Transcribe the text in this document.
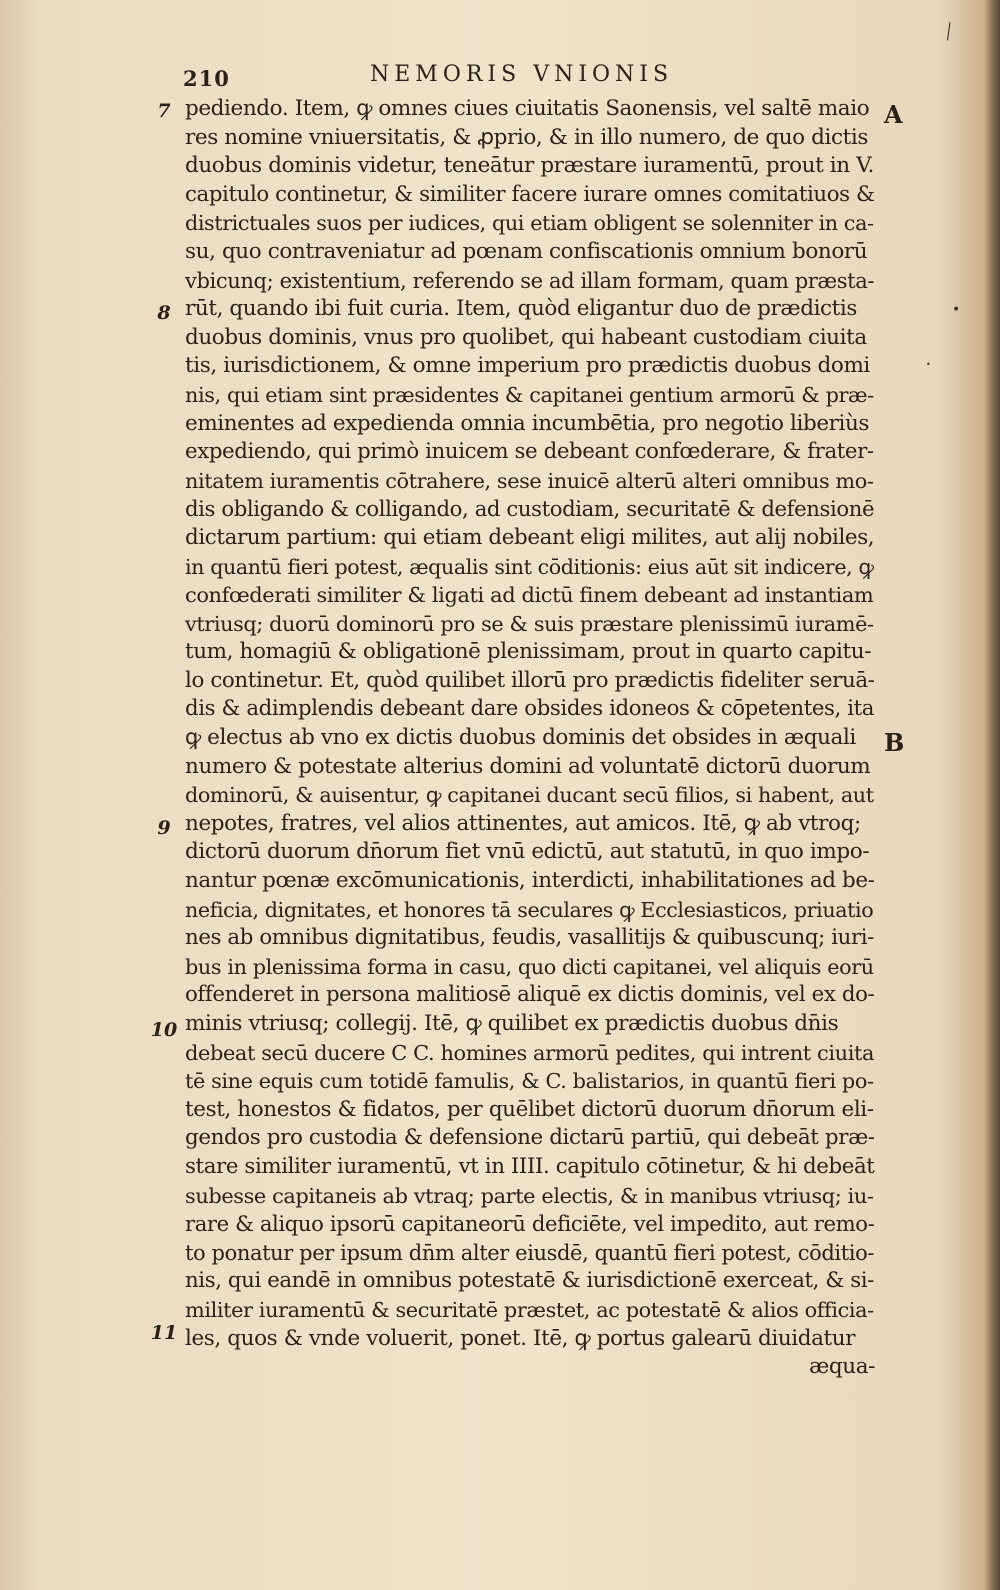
210	NEMORIS VNIONIS
7
8
9
10
11
A
B
╲
•
•
pediendo. Item, ꝙ omnes ciues ciuitatis Saonensis, vel saltē maio
res nomine vniuersitatis, & ꝓprio, & in illo numero, de quo dictis
duobus dominis videtur, teneātur præstare iuramentū, prout in V.
capitulo continetur, & similiter facere iurare omnes comitatiuos &
districtuales suos per iudices, qui etiam obligent se solenniter in ca-
su, quo contraveniatur ad pœnam confiscationis omnium bonorū
vbicunq; existentium, referendo se ad illam formam, quam præsta-
rūt, quando ibi fuit curia. Item, quòd eligantur duo de prædictis
duobus dominis, vnus pro quolibet, qui habeant custodiam ciuita
tis, iurisdictionem, & omne imperium pro prædictis duobus domi
nis, qui etiam sint præsidentes & capitanei gentium armorū & præ-
eminentes ad expedienda omnia incumbētia, pro negotio liberiùs
expediendo, qui primò inuicem se debeant confœderare, & frater-
nitatem iuramentis cōtrahere, sese inuicē alterū alteri omnibus mo-
dis obligando & colligando, ad custodiam, securitatē & defensionē
dictarum partium: qui etiam debeant eligi milites, aut alij nobiles,
in quantū fieri potest, æqualis sint cōditionis: eius aūt sit indicere, ꝙ
confœderati similiter & ligati ad dictū finem debeant ad instantiam
vtriusq; duorū dominorū pro se & suis præstare plenissimū iuramē-
tum, homagiū & obligationē plenissimam, prout in quarto capitu-
lo continetur. Et, quòd quilibet illorū pro prædictis fideliter seruā-
dis & adimplendis debeant dare obsides idoneos & cōpetentes, ita
ꝙ electus ab vno ex dictis duobus dominis det obsides in æquali
numero & potestate alterius domini ad voluntatē dictorū duorum
dominorū, & auisentur, ꝙ capitanei ducant secū filios, si habent, aut
nepotes, fratres, vel alios attinentes, aut amicos. Itē, ꝙ ab vtroq;
dictorū duorum dn̄orum fiet vnū edictū, aut statutū, in quo impo-
nantur pœnæ excōmunicationis, interdicti, inhabilitationes ad be-
neficia, dignitates, et honores tā seculares ꝙ Ecclesiasticos, priuatio
nes ab omnibus dignitatibus, feudis, vasallitijs & quibuscunq; iuri-
bus in plenissima forma in casu, quo dicti capitanei, vel aliquis eorū
offenderet in persona malitiosē aliquē ex dictis dominis, vel ex do-
minis vtriusq; collegij. Itē, ꝙ quilibet ex prædictis duobus dn̄is
debeat secū ducere C C. homines armorū pedites, qui intrent ciuita
tē sine equis cum totidē famulis, & C. balistarios, in quantū fieri po-
test, honestos & fidatos, per quēlibet dictorū duorum dn̄orum eli-
gendos pro custodia & defensione dictarū partiū, qui debeāt præ-
stare similiter iuramentū, vt in IIII. capitulo cōtinetur, & hi debeāt
subesse capitaneis ab vtraq; parte electis, & in manibus vtriusq; iu-
rare & aliquo ipsorū capitaneorū deficiēte, vel impedito, aut remo-
to ponatur per ipsum dn̄m alter eiusdē, quantū fieri potest, cōditio-
nis, qui eandē in omnibus potestatē & iurisdictionē exerceat, & si-
militer iuramentū & securitatē præstet, ac potestatē & alios officia-
les, quos & vnde voluerit, ponet. Itē, ꝙ portus galearū diuidatur
æqua-
